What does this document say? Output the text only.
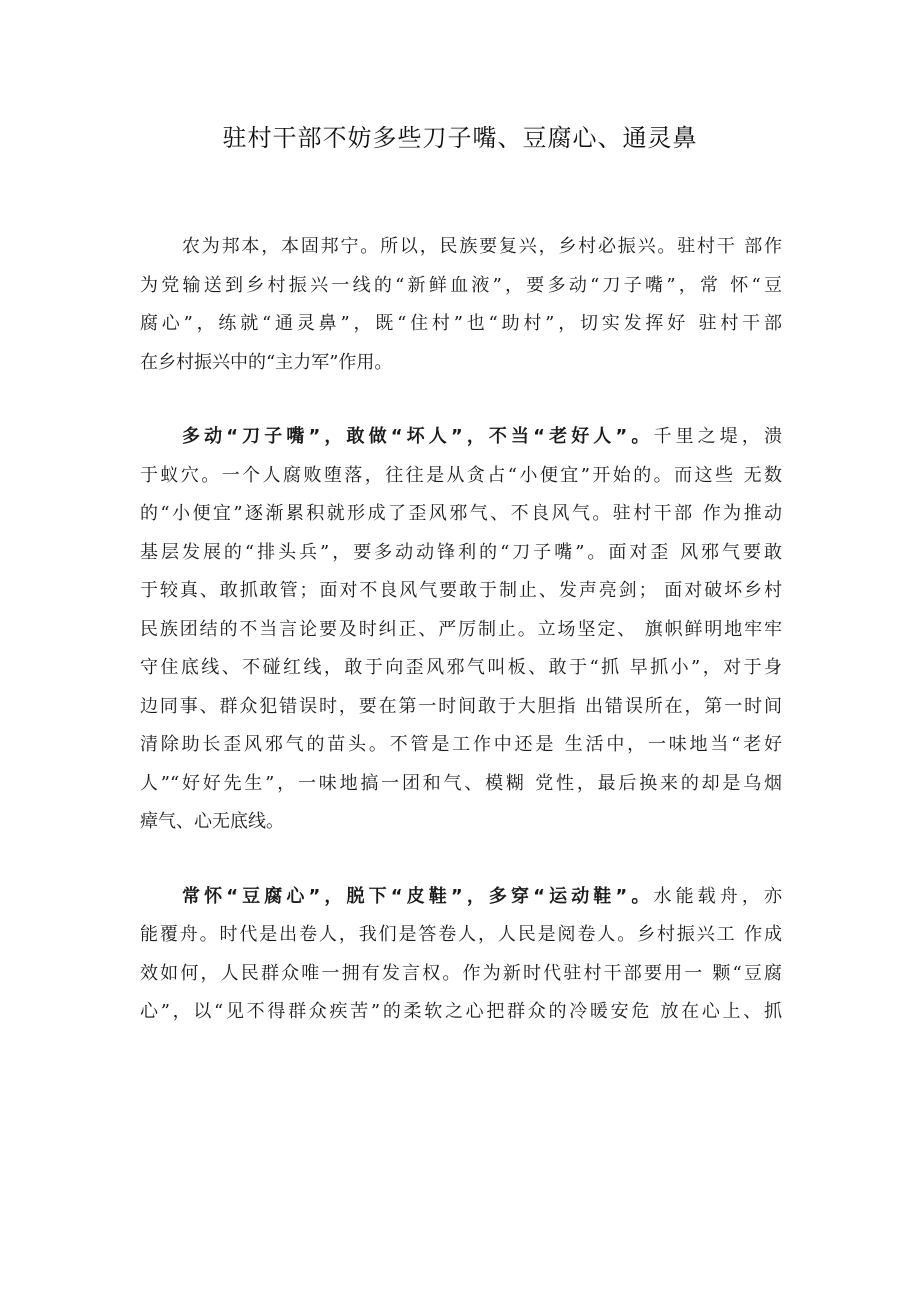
驻村干部不妨多些刀子嘴、豆腐心、通灵鼻
农为邦本，本固邦宁。所以，民族要复兴，乡村必振兴。驻村干 部作
为党输送到乡村振兴一线的“新鲜血液”，要多动“刀子嘴”，常 怀“豆
腐心”，练就“通灵鼻”，既“住村”也“助村”，切实发挥好 驻村干部
在乡村振兴中的“主力军”作用。
多动“刀子嘴”，敢做“坏人”，不当“老好人”。千里之堤，溃
于蚁穴。一个人腐败堕落，往往是从贪占“小便宜”开始的。而这些 无数
的“小便宜”逐渐累积就形成了歪风邪气、不良风气。驻村干部 作为推动
基层发展的“排头兵”，要多动动锋利的“刀子嘴”。面对歪 风邪气要敢
于较真、敢抓敢管；面对不良风气要敢于制止、发声亮剑； 面对破坏乡村
民族团结的不当言论要及时纠正、严厉制止。立场坚定、 旗帜鲜明地牢牢
守住底线、不碰红线，敢于向歪风邪气叫板、敢于“抓 早抓小”，对于身
边同事、群众犯错误时，要在第一时间敢于大胆指 出错误所在，第一时间
清除助长歪风邪气的苗头。不管是工作中还是 生活中，一味地当“老好
人”“好好先生”，一味地搞一团和气、模糊 党性，最后换来的却是乌烟
瘴气、心无底线。
常怀“豆腐心”，脱下“皮鞋”，多穿“运动鞋”。水能载舟，亦
能覆舟。时代是出卷人，我们是答卷人，人民是阅卷人。乡村振兴工 作成
效如何，人民群众唯一拥有发言权。作为新时代驻村干部要用一 颗“豆腐
心”，以“见不得群众疾苦”的柔软之心把群众的冷暖安危 放在心上、抓
